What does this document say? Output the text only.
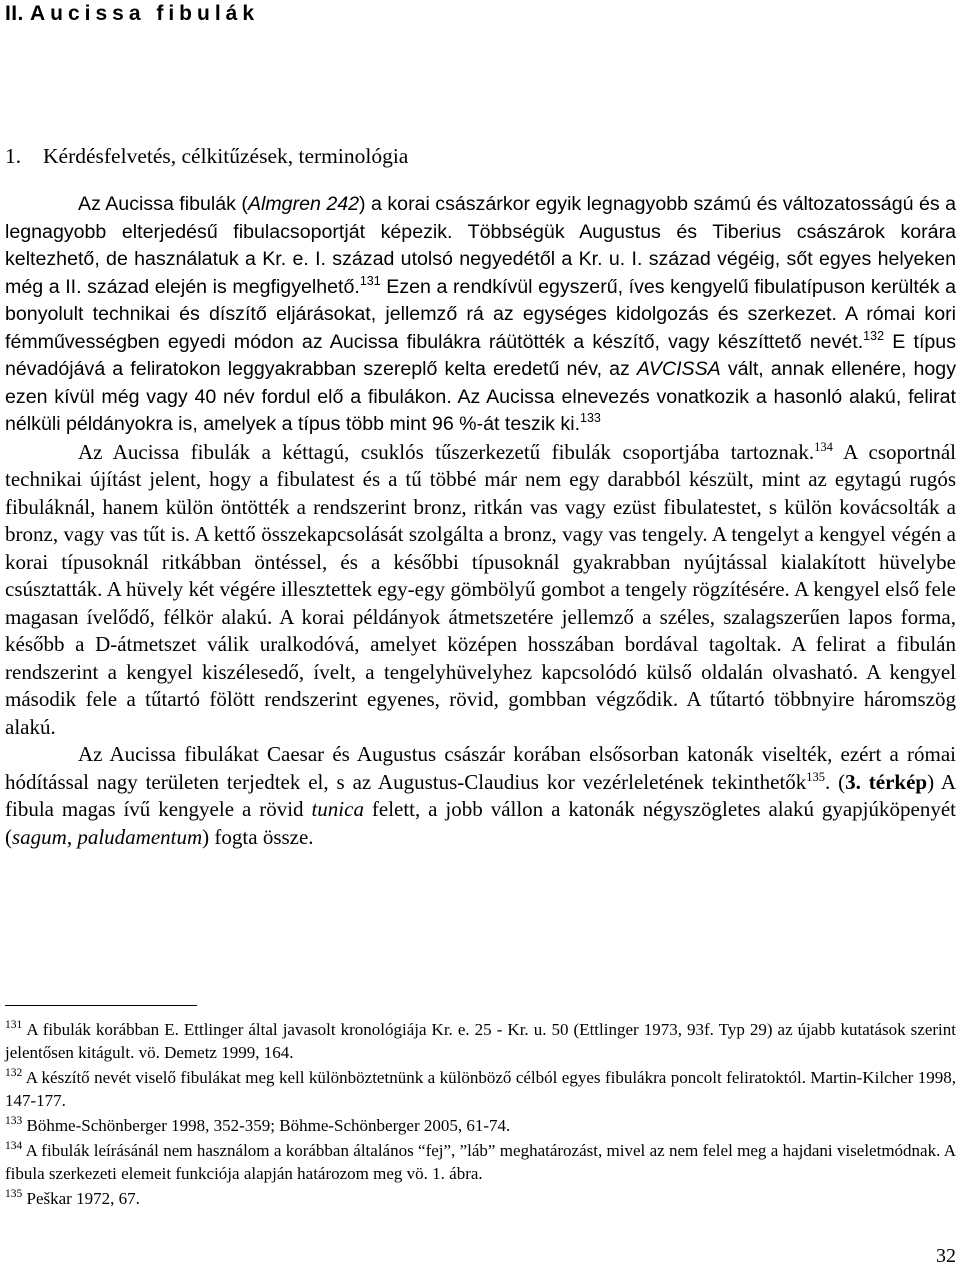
II. Aucissa fibulák
1. Kérdésfelvetés, célkitűzések, terminológia

Az Aucissa fibulák (Almgren 242) a korai császárkor egyik legnagyobb számú és változatosságú és a legnagyobb elterjedésű fibulacsoportját képezik. Többségük Augustus és Tiberius császárok korára keltezhető, de használatuk a Kr. e. I. század utolsó negyedétől a Kr. u. I. század végéig, sőt egyes helyeken még a II. század elején is megfigyelhető.$^{131}$ Ezen a rendkívül egyszerű, íves kengyelű fibulatípuson kerülték a bonyolult technikai és díszítő eljárásokat, jellemző rá az egységes kidolgozás és szerkezet. A római kori fémművességben egyedi módon az Aucissa fibulákra ráütötték a készítő, vagy készíttető nevét.$^{132}$ E típus névadójává a feliratokon leggyakrabban szereplő kelta eredetű név, az AVCISSA vált, annak ellenére, hogy ezen kívül még vagy 40 név fordul elő a fibulákon. Az Aucissa elnevezés vonatkozik a hasonló alakú, felirat nélküli példányokra is, amelyek a típus több mint 96 %-át teszik ki.$^{133}$

Az Aucissa fibulák a kéttagú, csuklós tűszerkezetű fibulák csoportjába tartoznak.$^{134}$ A csoportnál technikai újítást jelent, hogy a fibulatest és a tű többé már nem egy darabból készült, mint az egytagú rugós fibuláknál, hanem külön öntötték a rendszerint bronz, ritkán vas vagy ezüst fibulatestet, s külön kovácsolták a bronz, vagy vas tűt is. A kettő összekapcsolását szolgálta a bronz, vagy vas tengely. A tengelyt a kengyel végén a korai típusoknál ritkábban öntéssel, és a későbbi típusoknál gyakrabban nyújtással kialakított hüvelybe csúsztatták. A hüvely két végére illesztettek egy-egy gömbölyű gombot a tengely rögzítésére. A kengyel első fele magasan ívelődő, félkör alakú. A korai példányok átmetszetére jellemző a széles, szalagszerűen lapos forma, később a D-átmetszet válik uralkodóvá, amelyet középen hosszában bordával tagoltak. A felirat a fibulán rendszerint a kengyel kiszélesedő, ívelt, a tengelyhüvelyhez kapcsolódó külső oldalán olvasható. A kengyel második fele a tűtartó fölött rendszerint egyenes, rövid, gombban végződik. A tűtartó többnyire háromszög alakú.

Az Aucissa fibulákat Caesar és Augustus császár korában elsősorban katonák viselték, ezért a római hódítással nagy területen terjedtek el, s az Augustus-Claudius kor vezérleletének tekinthetők$^{135}$. (3. térkép) A fibula magas ívű kengyele a rövid tunica felett, a jobb vállon a katonák négyszögletes alakú gyapjúköpenyét (sagum, paludamentum) fogta össze.

$^{131}$ A fibulák korábban E. Ettlinger által javasolt kronológiája Kr. e. 25 - Kr. u. 50 (Ettlinger 1973, 93f. Typ 29) az újabb kutatások szerint jelentősen kitágult. vö. Demetz 1999, 164.

$^{132}$ A készítő nevét viselő fibulákat meg kell különböztetnünk a különböző célból egyes fibulákra poncolt feliratoktól. Martin-Kilcher 1998, 147-177.

$^{133}$ Böhme-Schönberger 1998, 352-359; Böhme-Schönberger 2005, 61-74.

$^{134}$ A fibulák leírásánál nem használom a korábban általános “fej”, ”láb” meghatározást, mivel az nem felel meg a hajdani viseletmódnak. A fibula szerkezeti elemeit funkciója alapján határozom meg vö. 1. ábra.

$^{135}$ Peškar 1972, 67.

32
